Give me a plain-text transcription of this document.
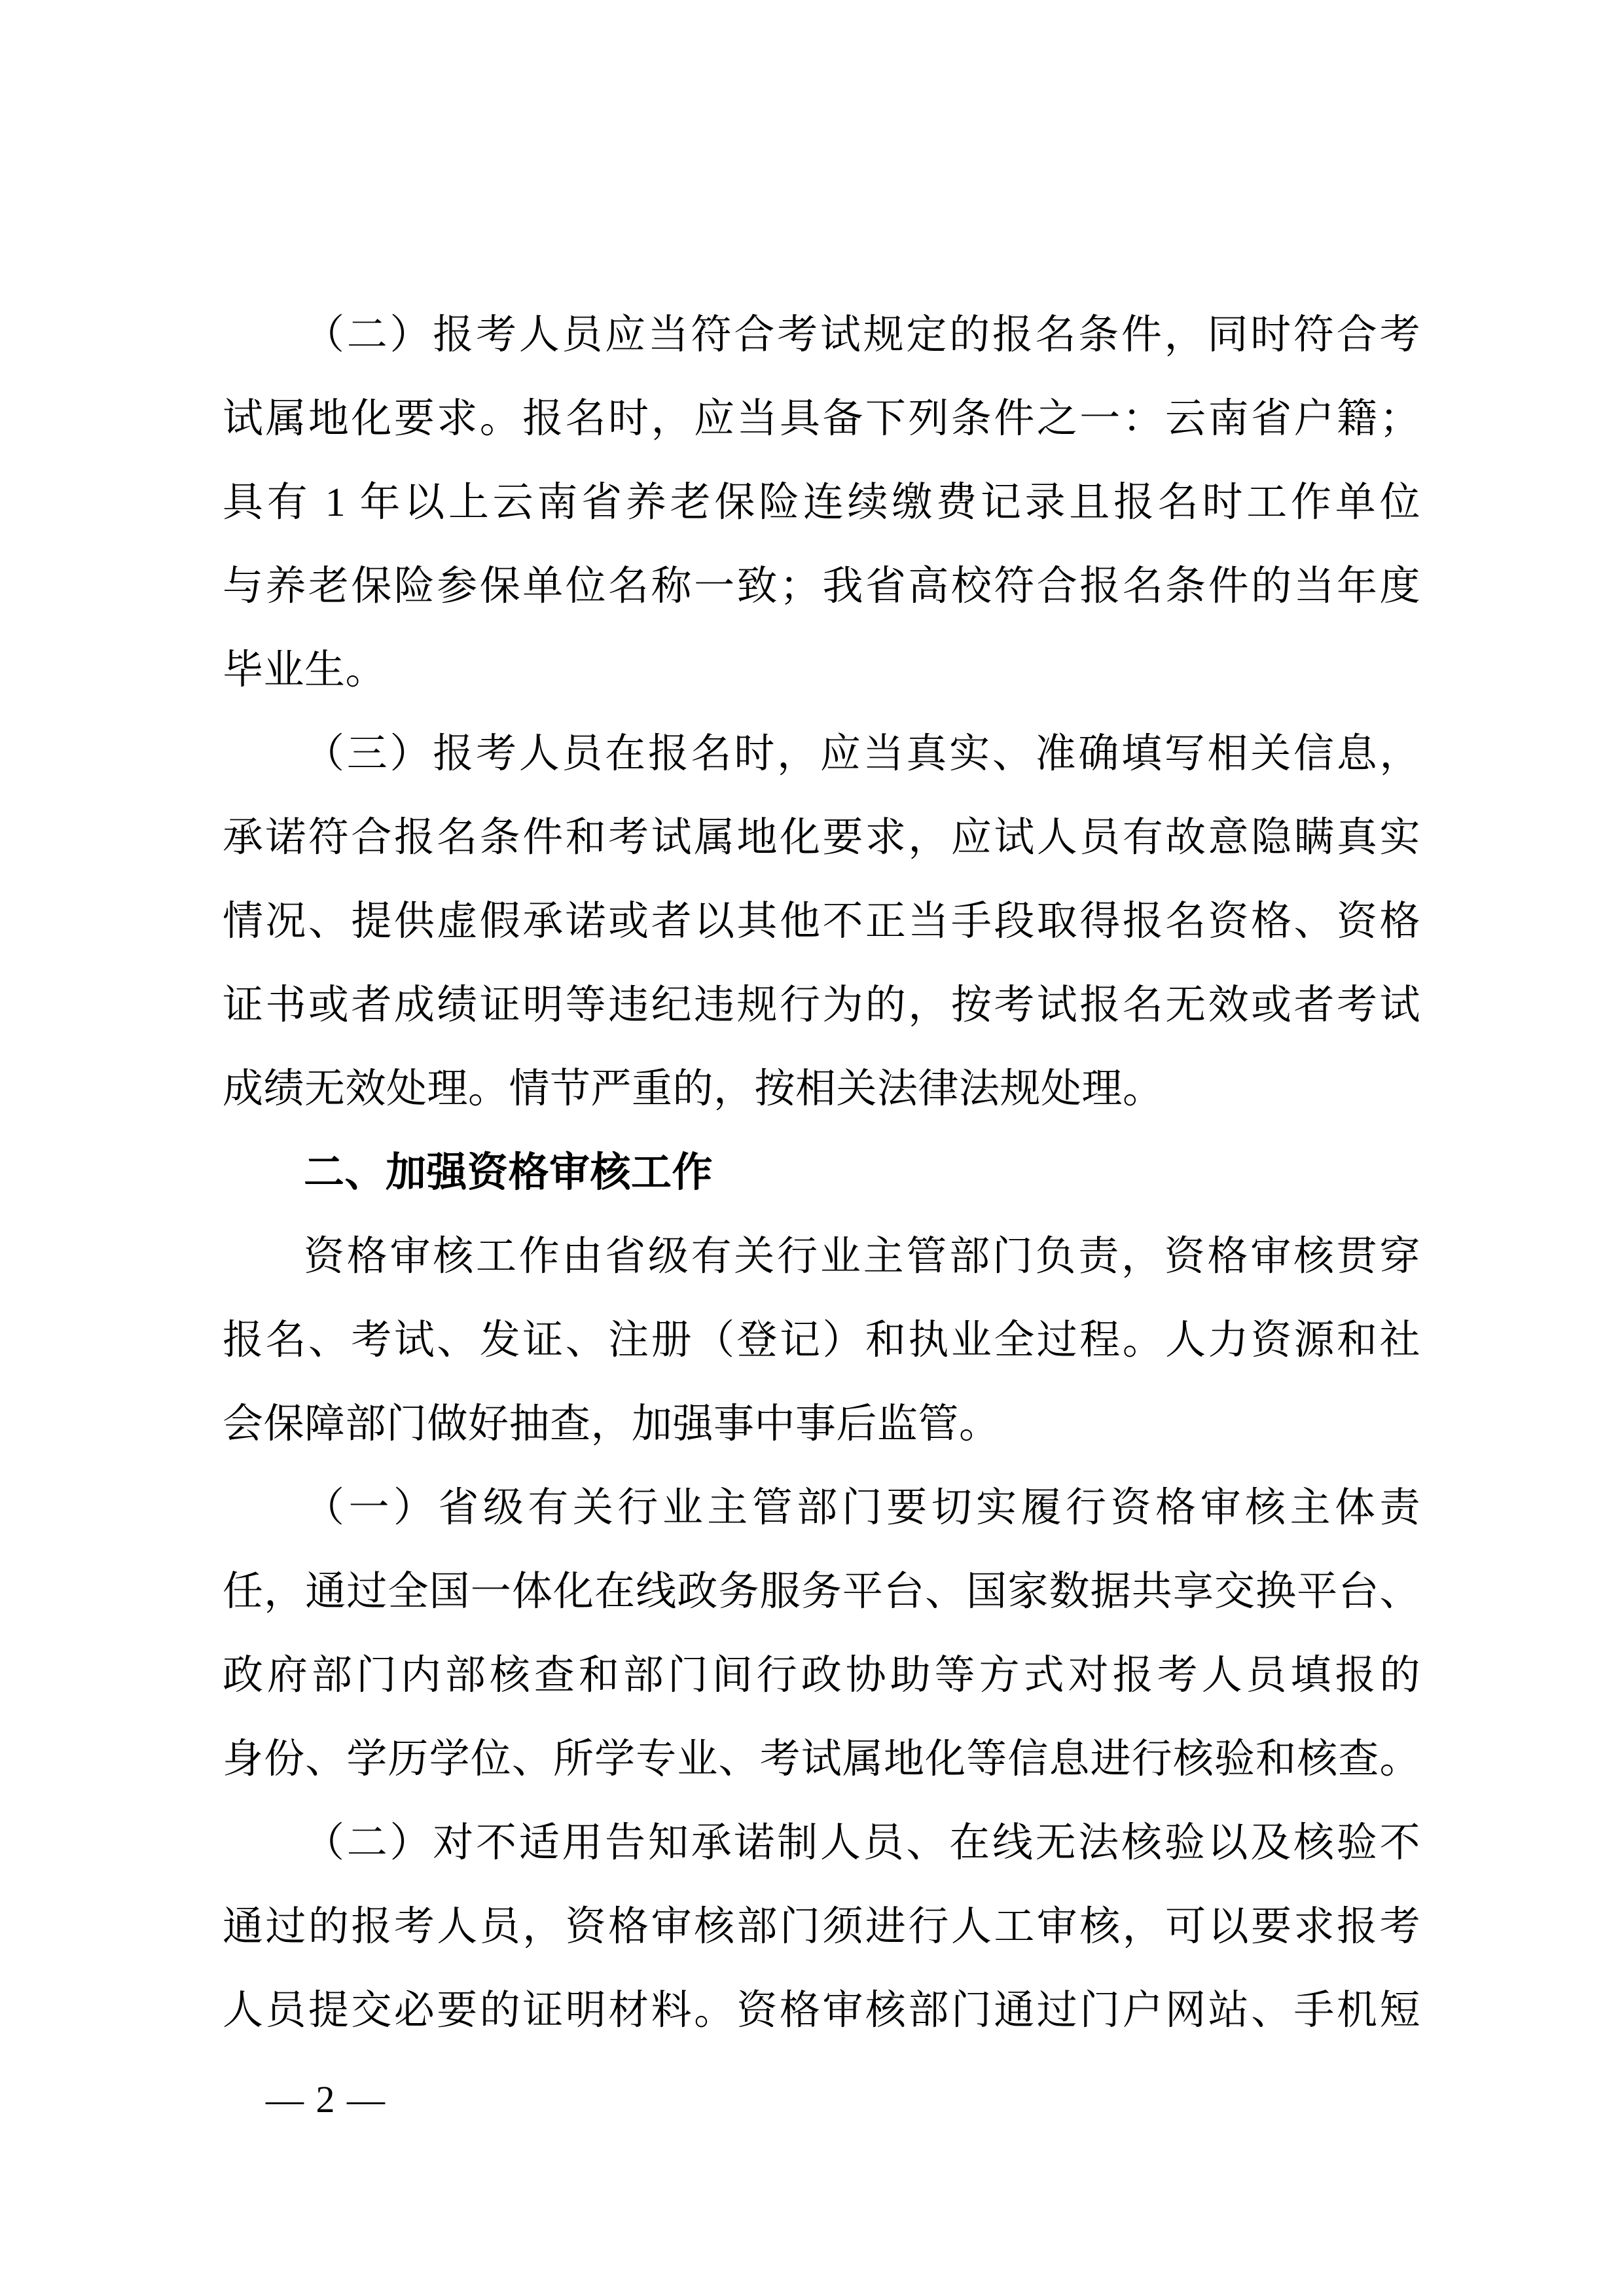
（二）报考人员应当符合考试规定的报名条件，同时符合考
试属地化要求。报名时，应当具备下列条件之一：云南省户籍；
具有 1 年以上云南省养老保险连续缴费记录且报名时工作单位
与养老保险参保单位名称一致；我省高校符合报名条件的当年度
毕业生。
（三）报考人员在报名时，应当真实、准确填写相关信息，
承诺符合报名条件和考试属地化要求，应试人员有故意隐瞒真实
情况、提供虚假承诺或者以其他不正当手段取得报名资格、资格
证书或者成绩证明等违纪违规行为的，按考试报名无效或者考试
成绩无效处理。情节严重的，按相关法律法规处理。
二、加强资格审核工作
资格审核工作由省级有关行业主管部门负责，资格审核贯穿
报名、考试、发证、注册（登记）和执业全过程。人力资源和社
会保障部门做好抽查，加强事中事后监管。
（一）省级有关行业主管部门要切实履行资格审核主体责
任，通过全国一体化在线政务服务平台、国家数据共享交换平台、
政府部门内部核查和部门间行政协助等方式对报考人员填报的
身份、学历学位、所学专业、考试属地化等信息进行核验和核查。
（二）对不适用告知承诺制人员、在线无法核验以及核验不
通过的报考人员，资格审核部门须进行人工审核，可以要求报考
人员提交必要的证明材料。资格审核部门通过门户网站、手机短

— 2 —
